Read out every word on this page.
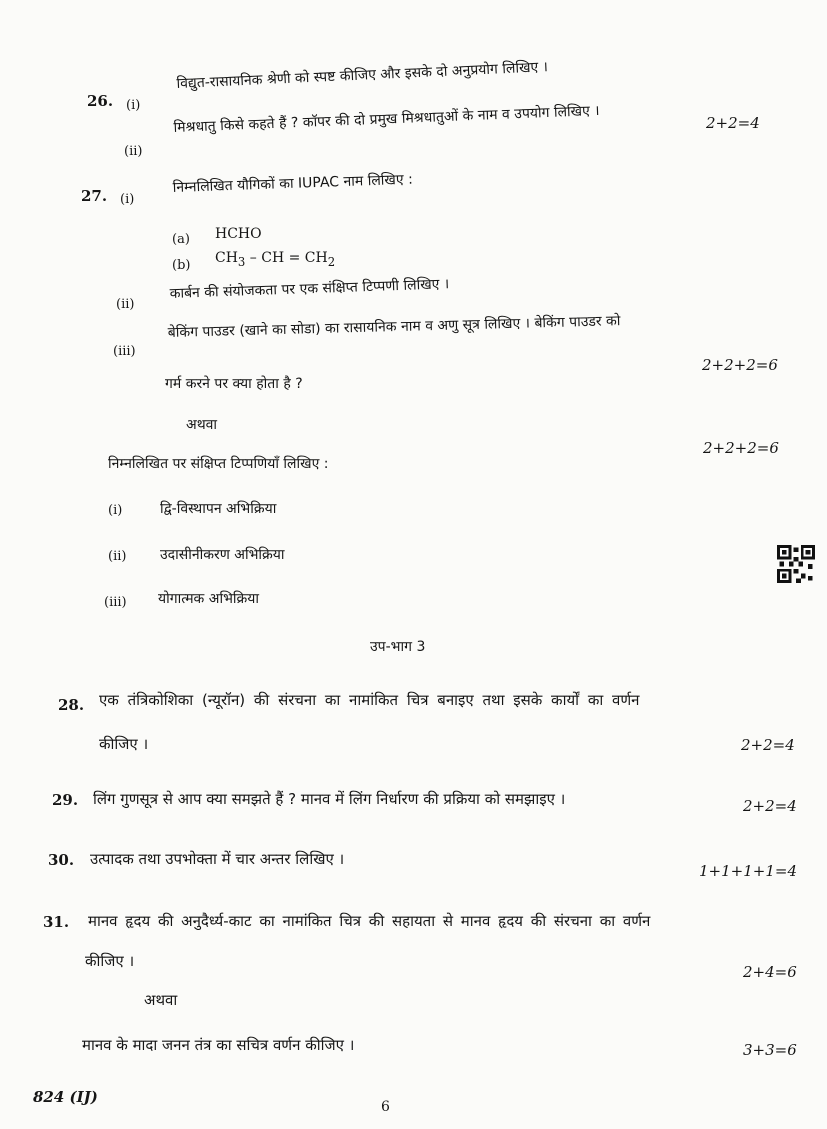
26. (i)
विद्युत-रासायनिक श्रेणी को स्पष्ट कीजिए और इसके दो अनुप्रयोग लिखिए ।
(ii)
मिश्रधातु किसे कहते हैं ? कॉपर की दो प्रमुख मिश्रधातुओं के नाम व उपयोग लिखिए ।	2+2=4
27. (i)
निम्नलिखित यौगिकों का IUPAC नाम लिखिए :
(a) HCHO
(b) $CH_3$ – CH = $CH_2$
(ii)
कार्बन की संयोजकता पर एक संक्षिप्त टिप्पणी लिखिए ।
(iii)
बेकिंग पाउडर (खाने का सोडा) का रासायनिक नाम व अणु सूत्र लिखिए । बेकिंग पाउडर को
गर्म करने पर क्या होता है ?
2+2+2=6
अथवा
2+2+2=6
निम्नलिखित पर संक्षिप्त टिप्पणियाँ लिखिए :
(i)	द्वि-विस्थापन अभिक्रिया
(ii) उदासीनीकरण अभिक्रिया
(iii) योगात्मक अभिक्रिया
उप-भाग 3
28. एक तंत्रिकोशिका (न्यूरॉन) की संरचना का नामांकित चित्र बनाइए तथा इसके कार्यों का वर्णन
कीजिए ।	2+2=4
29. लिंग गुणसूत्र से आप क्या समझते हैं ? मानव में लिंग निर्धारण की प्रक्रिया को समझाइए ।	2+2=4
30. उत्पादक तथा उपभोक्ता में चार अन्तर लिखिए ।
1+1+1+1=4
31. मानव हृदय की अनुदैर्ध्य-काट का नामांकित चित्र की सहायता से मानव हृदय की संरचना का वर्णन
कीजिए ।
2+4=6
अथवा
मानव के मादा जनन तंत्र का सचित्र वर्णन कीजिए ।	3+3=6
824 (IJ)
6
